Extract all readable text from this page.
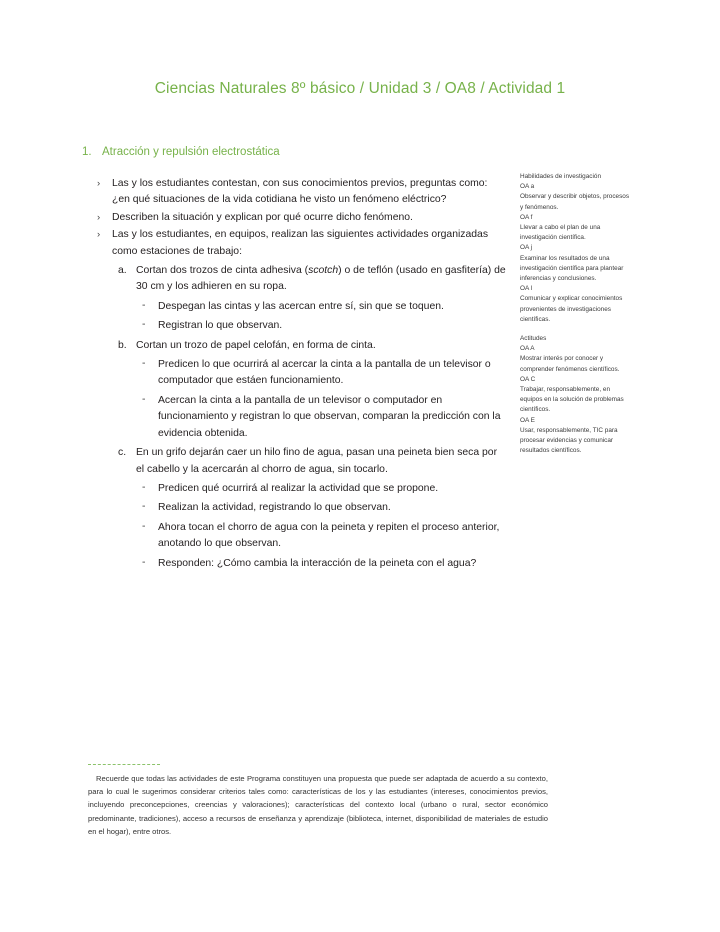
Ciencias Naturales 8º básico / Unidad 3 / OA8 / Actividad 1
1. Atracción y repulsión electrostática
› Las y los estudiantes contestan, con sus conocimientos previos, preguntas como: ¿en qué situaciones de la vida cotidiana he visto un fenómeno eléctrico?
› Describen la situación y explican por qué ocurre dicho fenómeno.
› Las y los estudiantes, en equipos, realizan las siguientes actividades organizadas como estaciones de trabajo:
a. Cortan dos trozos de cinta adhesiva (scotch) o de teflón (usado en gasfitería) de 30 cm y los adhieren en su ropa.
- Despegan las cintas y las acercan entre sí, sin que se toquen.
- Registran lo que observan.
b. Cortan un trozo de papel celofán, en forma de cinta.
- Predicen lo que ocurrirá al acercar la cinta a la pantalla de un televisor o computador que estáen funcionamiento.
- Acercan la cinta a la pantalla de un televisor o computador en funcionamiento y registran lo que observan, comparan la predicción con la evidencia obtenida.
c. En un grifo dejarán caer un hilo fino de agua, pasan una peineta bien seca por el cabello y la acercarán al chorro de agua, sin tocarlo.
- Predicen qué ocurrirá al realizar la actividad que se propone.
- Realizan la actividad, registrando lo que observan.
- Ahora tocan el chorro de agua con la peineta y repiten el proceso anterior, anotando lo que observan.
- Responden: ¿Cómo cambia la interacción de la peineta con el agua?
Habilidades de investigación
OA a
Observar y describir objetos, procesos y fenómenos.
OA f
Llevar a cabo el plan de una investigación científica.
OA j
Examinar los resultados de una investigación científica para plantear inferencias y conclusiones.
OA l
Comunicar y explicar conocimientos provenientes de investigaciones científicas.
Actitudes
OA A
Mostrar interés por conocer y comprender fenómenos científicos.
OA C
Trabajar, responsablemente, en equipos en la solución de problemas científicos.
OA E
Usar, responsablemente, TIC para procesar evidencias y comunicar resultados científicos.
Recuerde que todas las actividades de este Programa constituyen una propuesta que puede ser adaptada de acuerdo a su contexto, para lo cual le sugerimos considerar criterios tales como: características de los y las estudiantes (intereses, conocimientos previos, incluyendo preconcepciones, creencias y valoraciones); características del contexto local (urbano o rural, sector económico predominante, tradiciones), acceso a recursos de enseñanza y aprendizaje (biblioteca, internet, disponibilidad de materiales de estudio en el hogar), entre otros.
